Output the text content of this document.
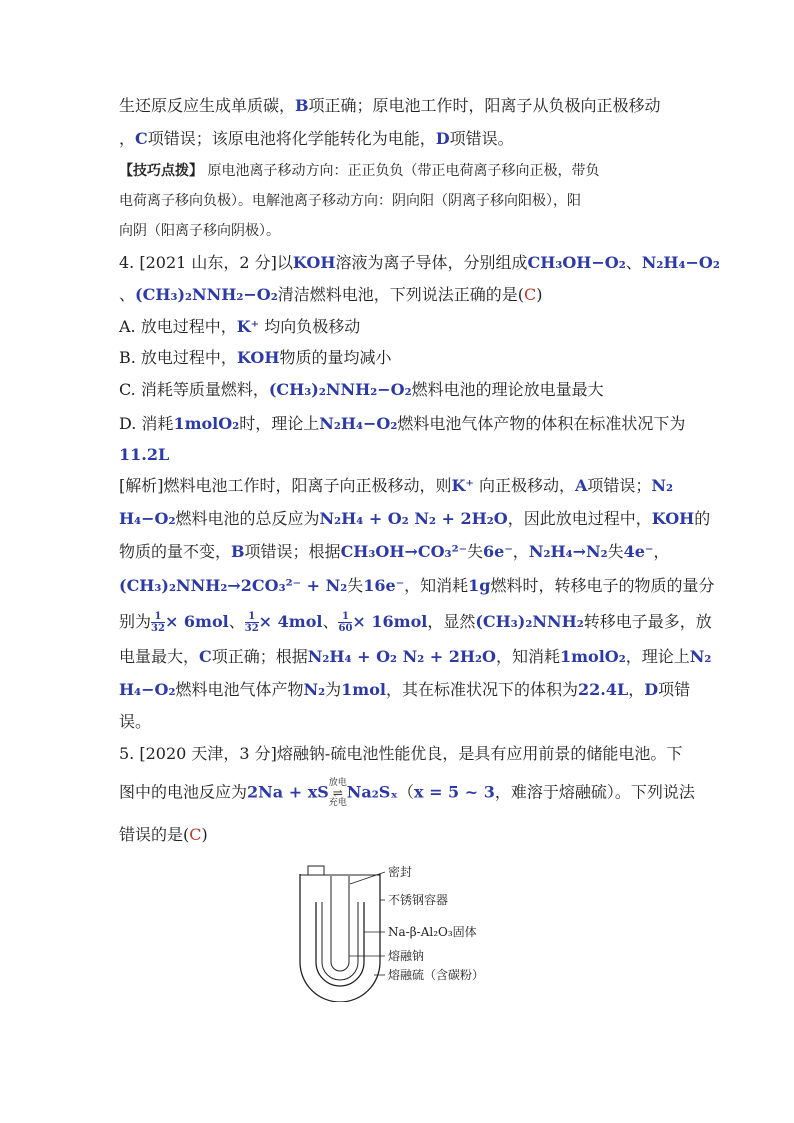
生还原反应生成单质碳，B项正确；原电池工作时，阳离子从负极向正极移动
，C项错误；该原电池将化学能转化为电能，D项错误。
【技巧点拨】 原电池离子移动方向：正正负负（带正电荷离子移向正极，带负
电荷离子移向负极）。电解池离子移动方向：阴向阳（阴离子移向阳极），阳
向阴（阳离子移向阴极）。
4. [2021 山东，2 分]以KOH溶液为离子导体，分别组成CH₃OH−O₂、N₂H₄−O₂
、(CH₃)₂NNH₂−O₂清洁燃料电池，下列说法正确的是(C)
A. 放电过程中，K⁺ 均向负极移动
B. 放电过程中，KOH物质的量均减小
C. 消耗等质量燃料，(CH₃)₂NNH₂−O₂燃料电池的理论放电量最大
D. 消耗1molO₂时，理论上N₂H₄−O₂燃料电池气体产物的体积在标准状况下为
11.2L
[解析]燃料电池工作时，阳离子向正极移动，则K⁺ 向正极移动，A项错误；N₂
H₄−O₂燃料电池的总反应为N₂H₄ + O₂ N₂ + 2H₂O，因此放电过程中，KOH的
物质的量不变，B项错误；根据CH₃OH→CO₃²⁻失6e⁻，N₂H₄→N₂失4e⁻，
(CH₃)₂NNH₂→2CO₃²⁻ + N₂失16e⁻，知消耗1g燃料时，转移电子的物质的量分
别为 $\frac{1}{32} \times 6mol$、 $\frac{1}{32} \times 4mol$、 $\frac{1}{60} \times 16mol$，显然(CH₃)₂NNH₂转移电子最多，放
电量最大，C项正确；根据N₂H₄ + O₂ N₂ + 2H₂O，知消耗1molO₂，理论上N₂
H₄−O₂燃料电池气体产物N₂为1mol，其在标准状况下的体积为22.4L，D项错
误。
5. [2020 天津，3 分]熔融钠-硫电池性能优良，是具有应用前景的储能电池。下
图中的电池反应为2Na + xS 放电
⇌
充电
Na₂Sₓ（x = 5 ~ 3，难溶于熔融硫）。下列说法
错误的是(C)
密封
不锈钢容器
Na-β-Al₂O₃固体
熔融钠
熔融硫（含碳粉）
